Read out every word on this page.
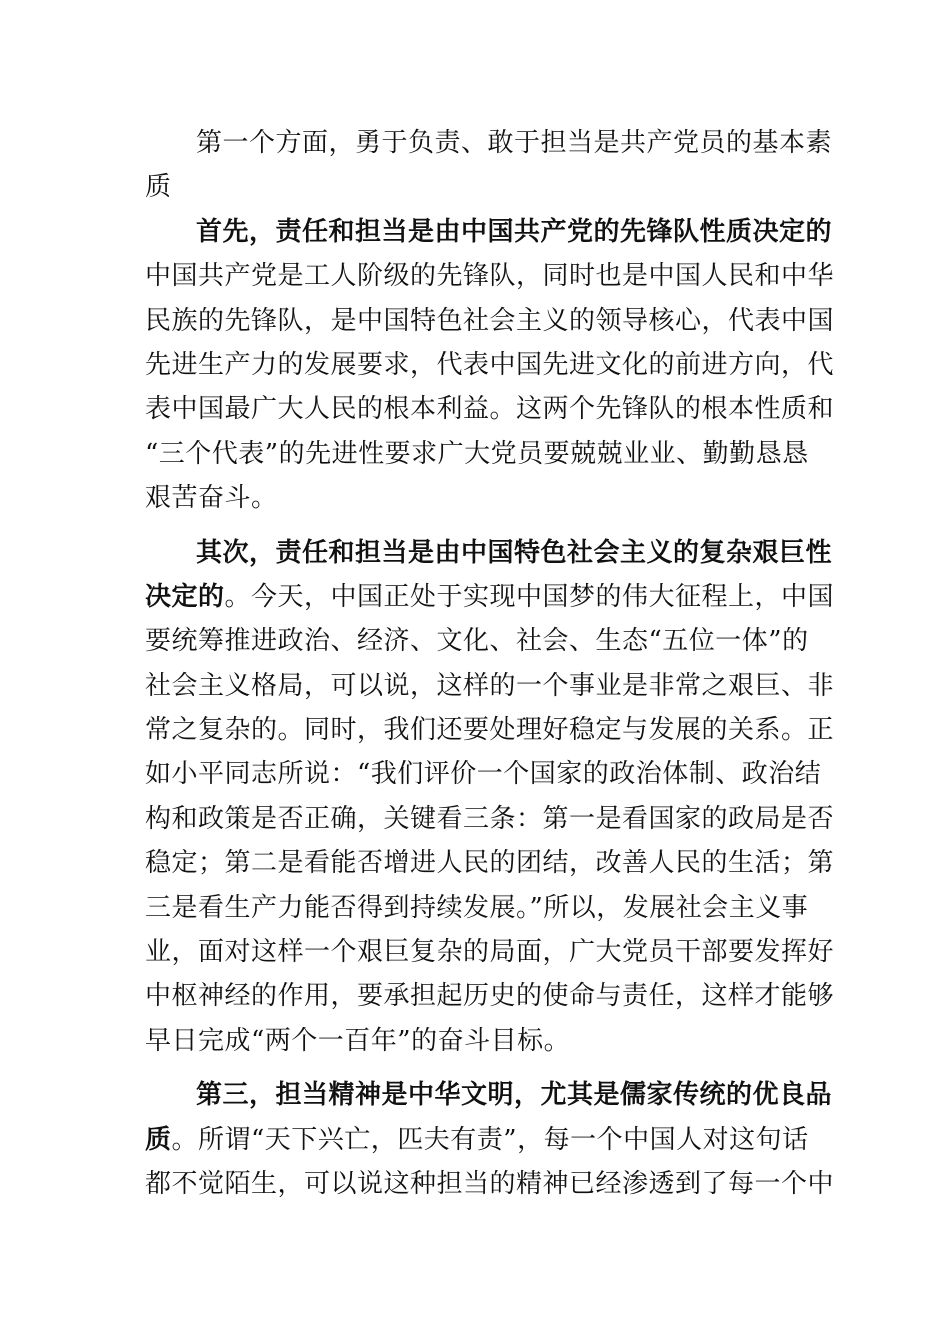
第一个方面，勇于负责、敢于担当是共产党员的基本素
质
首先，责任和担当是由中国共产党的先锋队性质决定的
中国共产党是工人阶级的先锋队，同时也是中国人民和中华
民族的先锋队，是中国特色社会主义的领导核心，代表中国
先进生产力的发展要求，代表中国先进文化的前进方向，代
表中国最广大人民的根本利益。这两个先锋队的根本性质和
“三个代表”的先进性要求广大党员要兢兢业业、勤勤恳恳
艰苦奋斗。
其次，责任和担当是由中国特色社会主义的复杂艰巨性
决定的。今天，中国正处于实现中国梦的伟大征程上，中国
要统筹推进政治、经济、文化、社会、生态“五位一体”的
社会主义格局，可以说，这样的一个事业是非常之艰巨、非
常之复杂的。同时，我们还要处理好稳定与发展的关系。正
如小平同志所说：“我们评价一个国家的政治体制、政治结
构和政策是否正确，关键看三条：第一是看国家的政局是否
稳定；第二是看能否增进人民的团结，改善人民的生活；第
三是看生产力能否得到持续发展。”所以，发展社会主义事
业，面对这样一个艰巨复杂的局面，广大党员干部要发挥好
中枢神经的作用，要承担起历史的使命与责任，这样才能够
早日完成“两个一百年”的奋斗目标。
第三，担当精神是中华文明，尤其是儒家传统的优良品
质。所谓“天下兴亡，匹夫有责”，每一个中国人对这句话
都不觉陌生，可以说这种担当的精神已经渗透到了每一个中
